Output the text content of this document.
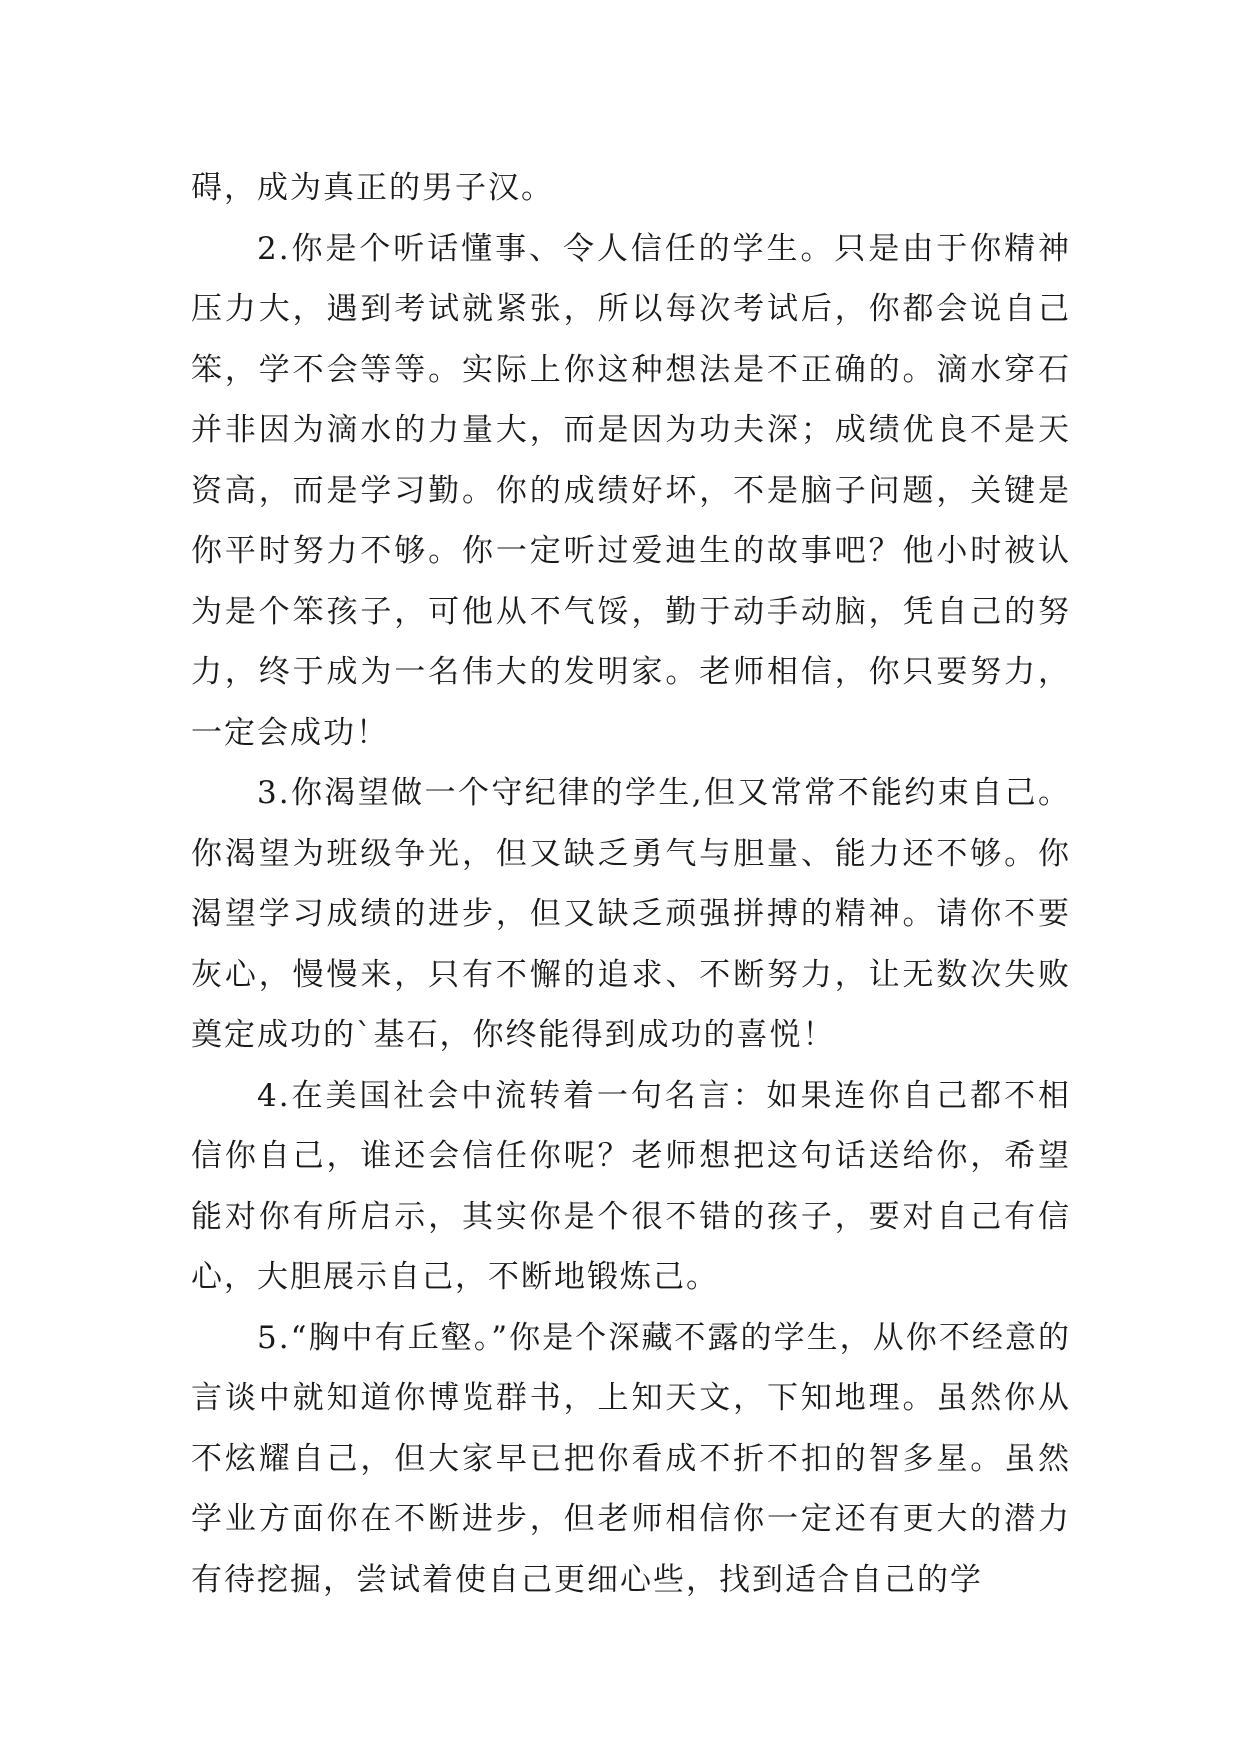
碍，成为真正的男子汉。

2.你是个听话懂事、令人信任的学生。只是由于你精神压力大，遇到考试就紧张，所以每次考试后，你都会说自己笨，学不会等等。实际上你这种想法是不正确的。滴水穿石并非因为滴水的力量大，而是因为功夫深；成绩优良不是天资高，而是学习勤。你的成绩好坏，不是脑子问题，关键是你平时努力不够。你一定听过爱迪生的故事吧？他小时被认为是个笨孩子，可他从不气馁，勤于动手动脑，凭自己的努力，终于成为一名伟大的发明家。老师相信，你只要努力，一定会成功！

3.你渴望做一个守纪律的学生,但又常常不能约束自己。你渴望为班级争光，但又缺乏勇气与胆量、能力还不够。你渴望学习成绩的进步，但又缺乏顽强拼搏的精神。请你不要灰心，慢慢来，只有不懈的追求、不断努力，让无数次失败奠定成功的`基石，你终能得到成功的喜悦！

4.在美国社会中流转着一句名言：如果连你自己都不相信你自己，谁还会信任你呢？老师想把这句话送给你，希望能对你有所启示，其实你是个很不错的孩子，要对自己有信心，大胆展示自己，不断地锻炼己。

5.“胸中有丘壑。”你是个深藏不露的学生，从你不经意的言谈中就知道你博览群书，上知天文，下知地理。虽然你从不炫耀自己，但大家早已把你看成不折不扣的智多星。虽然学业方面你在不断进步，但老师相信你一定还有更大的潜力有待挖掘，尝试着使自己更细心些，找到适合自己的学
